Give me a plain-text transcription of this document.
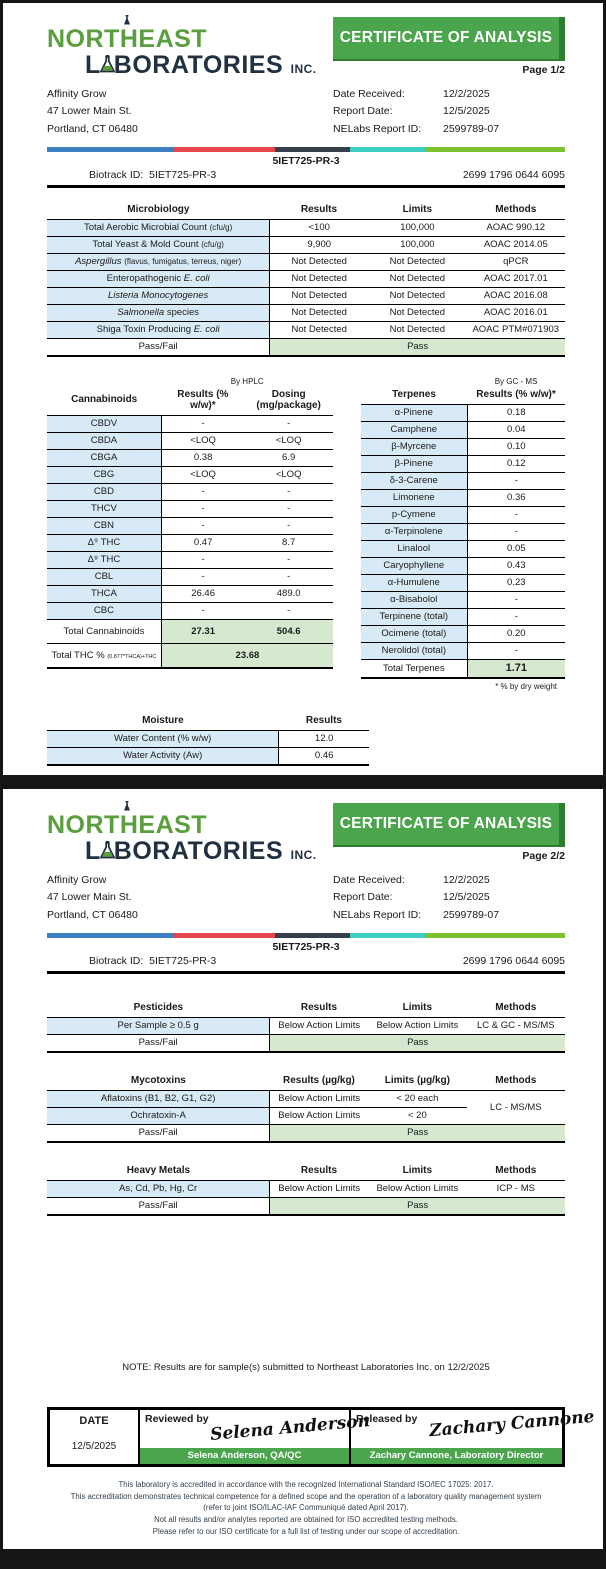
NORTH
EAST
L BORATORIES INC.
CERTIFICATE OF ANALYSIS
Page 1/2
Affinity Grow
47 Lower Main St.
Portland, CT 06480
Date Received:	12/2/2025
Report Date:	12/5/2025
NELabs Report ID:	2599789-07
5IET725-PR-3
Biotrack ID: 5IET725-PR-3	2699 1796 0644 6095
Microbiology	Results	Limits	Methods
Total Aerobic Microbial Count (cfu/g)	<100	100,000	AOAC 990.12
Total Yeast & Mold Count (cfu/g)	9,900	100,000	AOAC 2014.05
Aspergillus (flavus, fumigatus, terreus, niger)	Not Detected	Not Detected	qPCR
Enteropathogenic E. coli	Not Detected	Not Detected	AOAC 2017.01
Listeria Monocytogenes	Not Detected	Not Detected	AOAC 2016.08
Salmonella species	Not Detected	Not Detected	AOAC 2016.01
Shiga Toxin Producing E. coli	Not Detected	Not Detected	AOAC PTM#071903
Pass/Fail	Pass		
By HPLC
Cannabinoids	Results (% w/w)*	Dosing (mg/package)
CBDV	-	-
CBDA	<LOQ	<LOQ
CBGA	0.38	6.9
CBG	<LOQ	<LOQ
CBD	-	-
THCV	-	-
CBN	-	-
Δ⁹ THC	0.47	8.7
Δ⁸ THC	-	-
CBL	-	-
THCA	26.46	489.0
CBC	-	-
Total Cannabinoids	27.31	504.6
Total THC % (0.877*THCA)+THC	23.68	
By GC - MS
Terpenes	Results (% w/w)*
α-Pinene	0.18
Camphene	0.04
β-Myrcene	0.10
β-Pinene	0.12
δ-3-Carene	-
Limonene	0.36
p-Cymene	-
α-Terpinolene	-
Linalool	0.05
Caryophyllene	0.43
α-Humulene	0.23
α-Bisabolol	-
Terpinene (total)	-
Ocimene (total)	0.20
Nerolidol (total)	-
Total Terpenes	1.71
* % by dry weight
Moisture	Results
Water Content (% w/w)	12.0
Water Activity (Aw)	0.46
NORTH
EAST
L BORATORIES INC.
CERTIFICATE OF ANALYSIS
Page 2/2
Affinity Grow
47 Lower Main St.
Portland, CT 06480
Date Received:	12/2/2025
Report Date:	12/5/2025
NELabs Report ID:	2599789-07
5IET725-PR-3
Biotrack ID: 5IET725-PR-3	2699 1796 0644 6095
Pesticides	Results	Limits	Methods
Per Sample ≥ 0.5 g	Below Action Limits	Below Action Limits	LC & GC - MS/MS
Pass/Fail	Pass		
Mycotoxins	Results (µg/kg)	Limits (µg/kg)	Methods
Aflatoxins (B1, B2, G1, G2)	Below Action Limits	< 20 each	LC - MS/MS
Ochratoxin-A	Below Action Limits	< 20	
Pass/Fail	Pass		
Heavy Metals	Results	Limits	Methods
As, Cd, Pb, Hg, Cr	Below Action Limits	Below Action Limits	ICP - MS
Pass/Fail	Pass		
NOTE: Results are for sample(s) submitted to Northeast Laboratories Inc. on 12/2/2025
DATE
12/5/2025
Reviewed by Selena Anderson
Selena Anderson, QA/QC
Released by Zachary Cannone
Zachary Cannone, Laboratory Director
This laboratory is accredited in accordance with the recognized International Standard ISO/IEC 17025: 2017.
This accreditation demonstrates technical competence for a defined scope and the operation of a laboratory quality management system
(refer to joint ISO/ILAC-IAF Communiqué dated April 2017).
Not all results and/or analytes reported are obtained for ISO accredited testing methods.
Please refer to our ISO certificate for a full list of testing under our scope of accreditation.
